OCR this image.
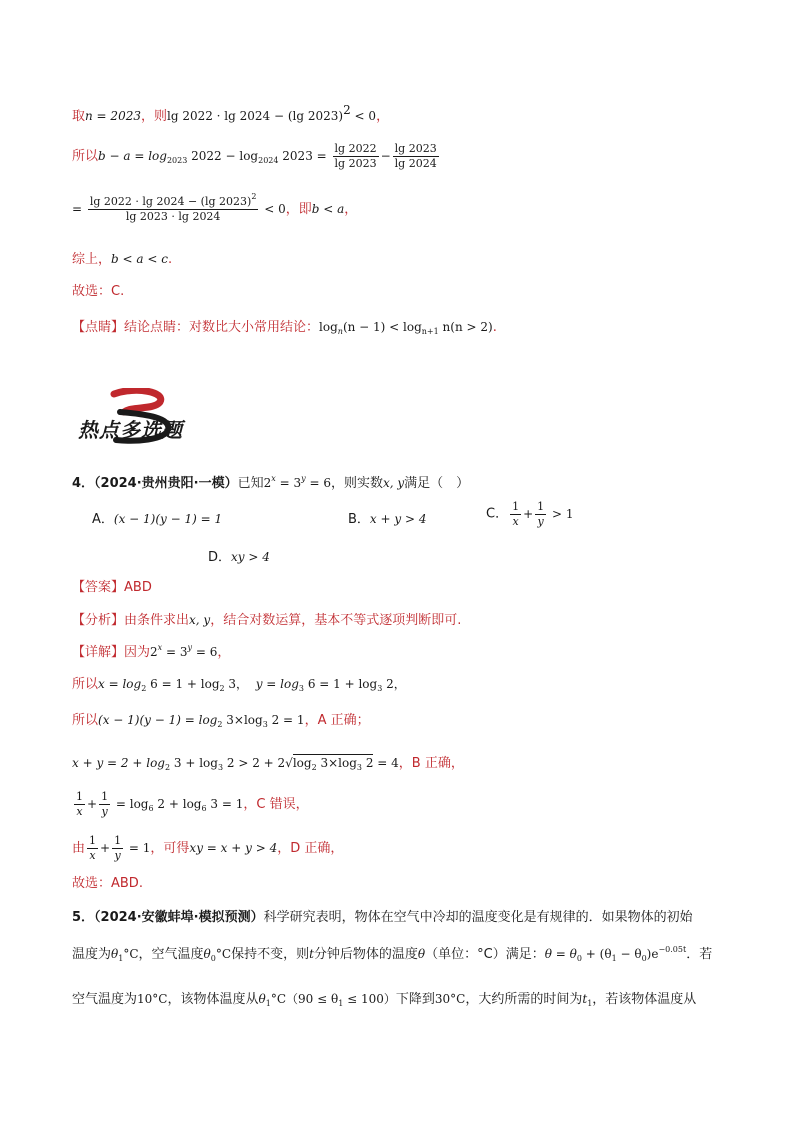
取n = 2023，则lg 2022 · lg 2024 − (lg 2023)$^2$ < 0，
所以$b - a = \log_{2023} 2022 - \log_{2024} 2023 = \frac{\lg 2022}{\lg 2023} - \frac{\lg 2023}{\lg 2024}$
= $\frac{\lg 2022 \cdot \lg 2024 - (\lg 2023)^2}{\lg 2023 \cdot \lg 2024} < 0$，即b < a，
综上，b < a < c.
故选：C.
【点睛】结论点睛：对数比大小常用结论：$\log_n(n - 1) < \log_{n+1} n(n > 2)$.
热点多选题
4．（2024·贵州贵阳·一模）已知$2^x = 3^y = 6$，则实数x, y满足（　）
A．(x − 1)(y − 1) = 1	B．x + y > 4	C． $\frac{1}{x} + \frac{1}{y} > 1$
D．xy > 4
【答案】ABD
【分析】由条件求出x, y，结合对数运算，基本不等式逐项判断即可.
【详解】因为$2^x = 3^y = 6$，
所以$x = \log_2 6 = 1 + \log_2 3$， $y = \log_3 6 = 1 + \log_3 2$，
所以$(x - 1)(y - 1) = \log_2 3\times\log_3$ 2 = 1，A 正确；
$x + y = 2 + \log_2 3 + \log_3 2 > 2 + 2√\log_2$ $3\times\log_3$ 2 = 4，B 正确，
$\frac{1}{x} + \frac{1}{y} = \log_6 2 + \log_6 3 = 1$，C 错误，
由 $\frac{1}{x} + \frac{1}{y} = 1$，可得xy = x + y > 4，D 正确，
故选：ABD.
5．（2024·安徽蚌埠·模拟预测）科学研究表明，物体在空气中冷却的温度变化是有规律的．如果物体的初始
温度为$\theta_1^\circ C$，空气温度$\theta_0^\circ C$保持不变，则t分钟后物体的温度θ（单位：°C）满足：$\theta = \theta_0 + (\theta_1 - \theta_0)e^{-0.05t}$．若
空气温度为10°C，该物体温度从$\theta_1^\circ C(90 \le \theta_1 \le 100)$下降到30°C，大约所需的时间为$t_1$，若该物体温度从
